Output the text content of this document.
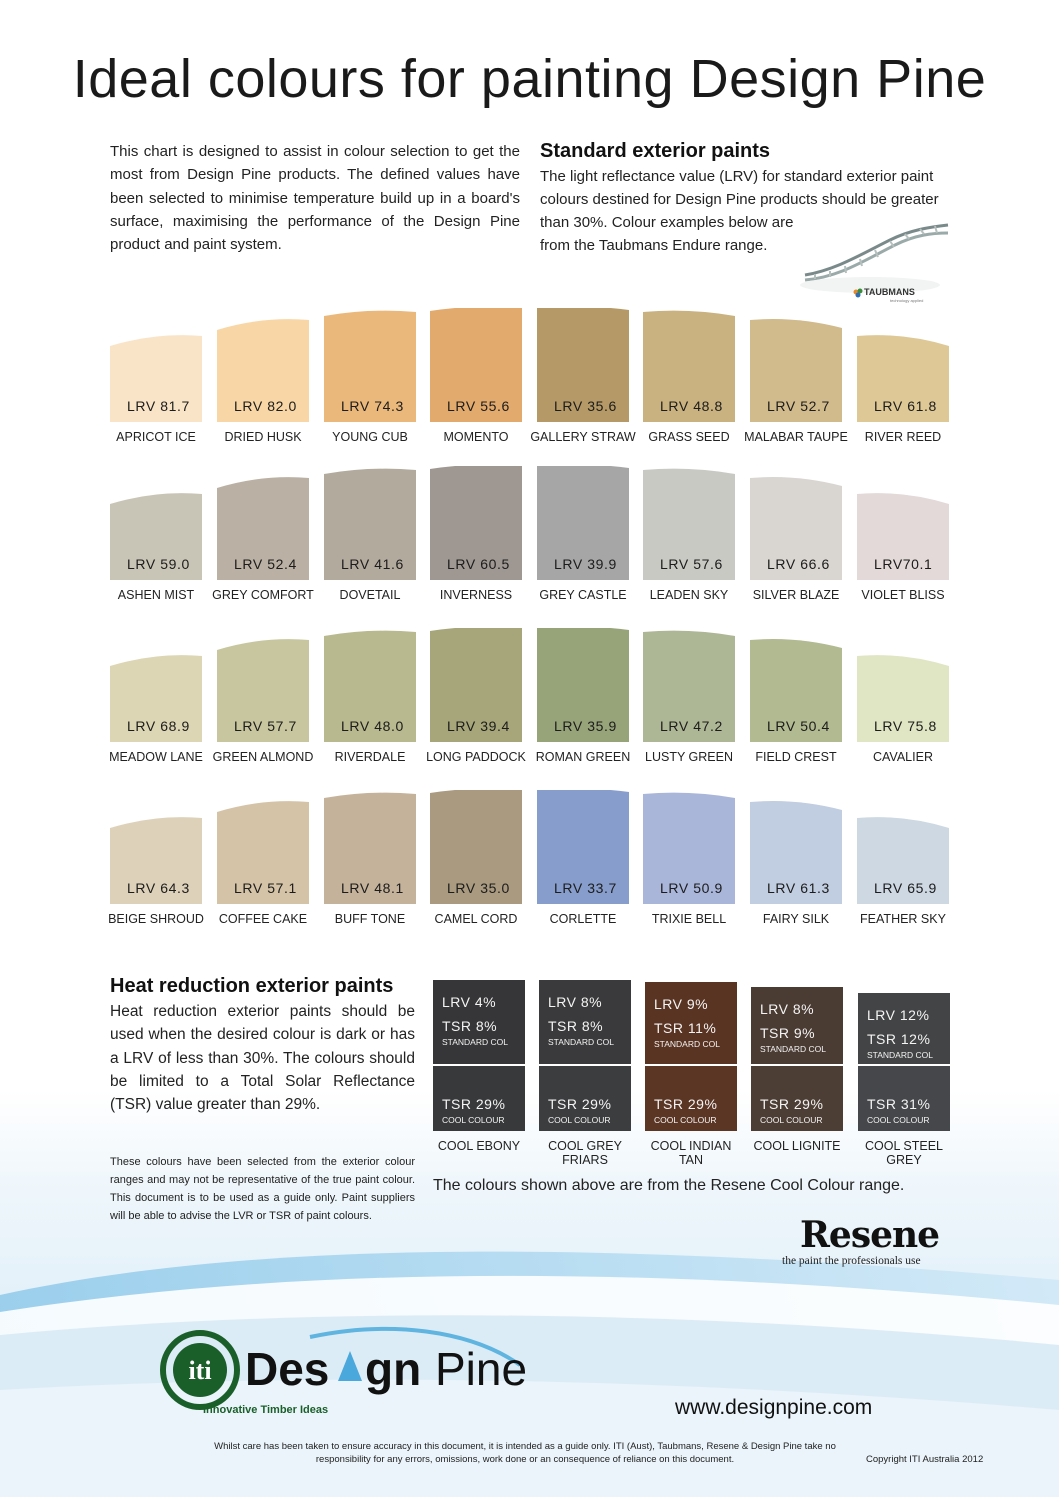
Ideal colours for painting Design Pine
This chart is designed to assist in colour selection to get the most from Design Pine products. The defined values have been selected to minimise temperature build up in a board's surface, maximising the performance of the Design Pine product and paint system.
Standard exterior paints
The light reflectance value (LRV) for standard exterior paint
colours destined for Design Pine products should be greater
than 30%. Colour examples below are
from the Taubmans Endure range.
TAUBMANS
technology applied
LRV 81.7
APRICOT ICE
LRV 82.0
DRIED HUSK
LRV 74.3
YOUNG CUB
LRV 55.6
MOMENTO
LRV 35.6
GALLERY STRAW
LRV 48.8
GRASS SEED
LRV 52.7
MALABAR TAUPE
LRV 61.8
RIVER REED
LRV 59.0
ASHEN MIST
LRV 52.4
GREY COMFORT
LRV 41.6
DOVETAIL
LRV 60.5
INVERNESS
LRV 39.9
GREY CASTLE
LRV 57.6
LEADEN SKY
LRV 66.6
SILVER BLAZE
LRV70.1
VIOLET BLISS
LRV 68.9
MEADOW LANE
LRV 57.7
GREEN ALMOND
LRV 48.0
RIVERDALE
LRV 39.4
LONG PADDOCK
LRV 35.9
ROMAN GREEN
LRV 47.2
LUSTY GREEN
LRV 50.4
FIELD CREST
LRV 75.8
CAVALIER
LRV 64.3
BEIGE SHROUD
LRV 57.1
COFFEE CAKE
LRV 48.1
BUFF TONE
LRV 35.0
CAMEL CORD
LRV 33.7
CORLETTE
LRV 50.9
TRIXIE BELL
LRV 61.3
FAIRY SILK
LRV 65.9
FEATHER SKY
Heat reduction exterior paints
Heat reduction exterior paints should be used when the desired colour is dark or has a LRV of less than 30%. The colours should be limited to a Total Solar Reflectance (TSR) value greater than 29%.
These colours have been selected from the exterior colour ranges and may not be representative of the true paint colour. This document is to be used as a guide only. Paint suppliers will be able to advise the LVR or TSR of paint colours.
LRV 4%
TSR 8%
STANDARD COL
TSR 29%
COOL COLOUR
COOL EBONY
LRV 8%
TSR 8%
STANDARD COL
TSR 29%
COOL COLOUR
COOL GREY FRIARS
LRV 9%
TSR 11%
STANDARD COL
TSR 29%
COOL COLOUR
COOL INDIAN TAN
LRV 8%
TSR 9%
STANDARD COL
TSR 29%
COOL COLOUR
COOL LIGNITE
LRV 12%
TSR 12%
STANDARD COL
TSR 31%
COOL COLOUR
COOL STEEL GREY
The colours shown above are from the Resene Cool Colour range.
Resene
the paint the professionals use
iti Des gn Pine
Innovative Timber Ideas	www.designpine.com
Whilst care has been taken to ensure accuracy in this document, it is intended as a guide only. ITI (Aust), Taubmans, Resene & Design Pine take no responsibility for any errors, omissions, work done or an consequence of reliance on this document.	Copyright ITI Australia 2012
